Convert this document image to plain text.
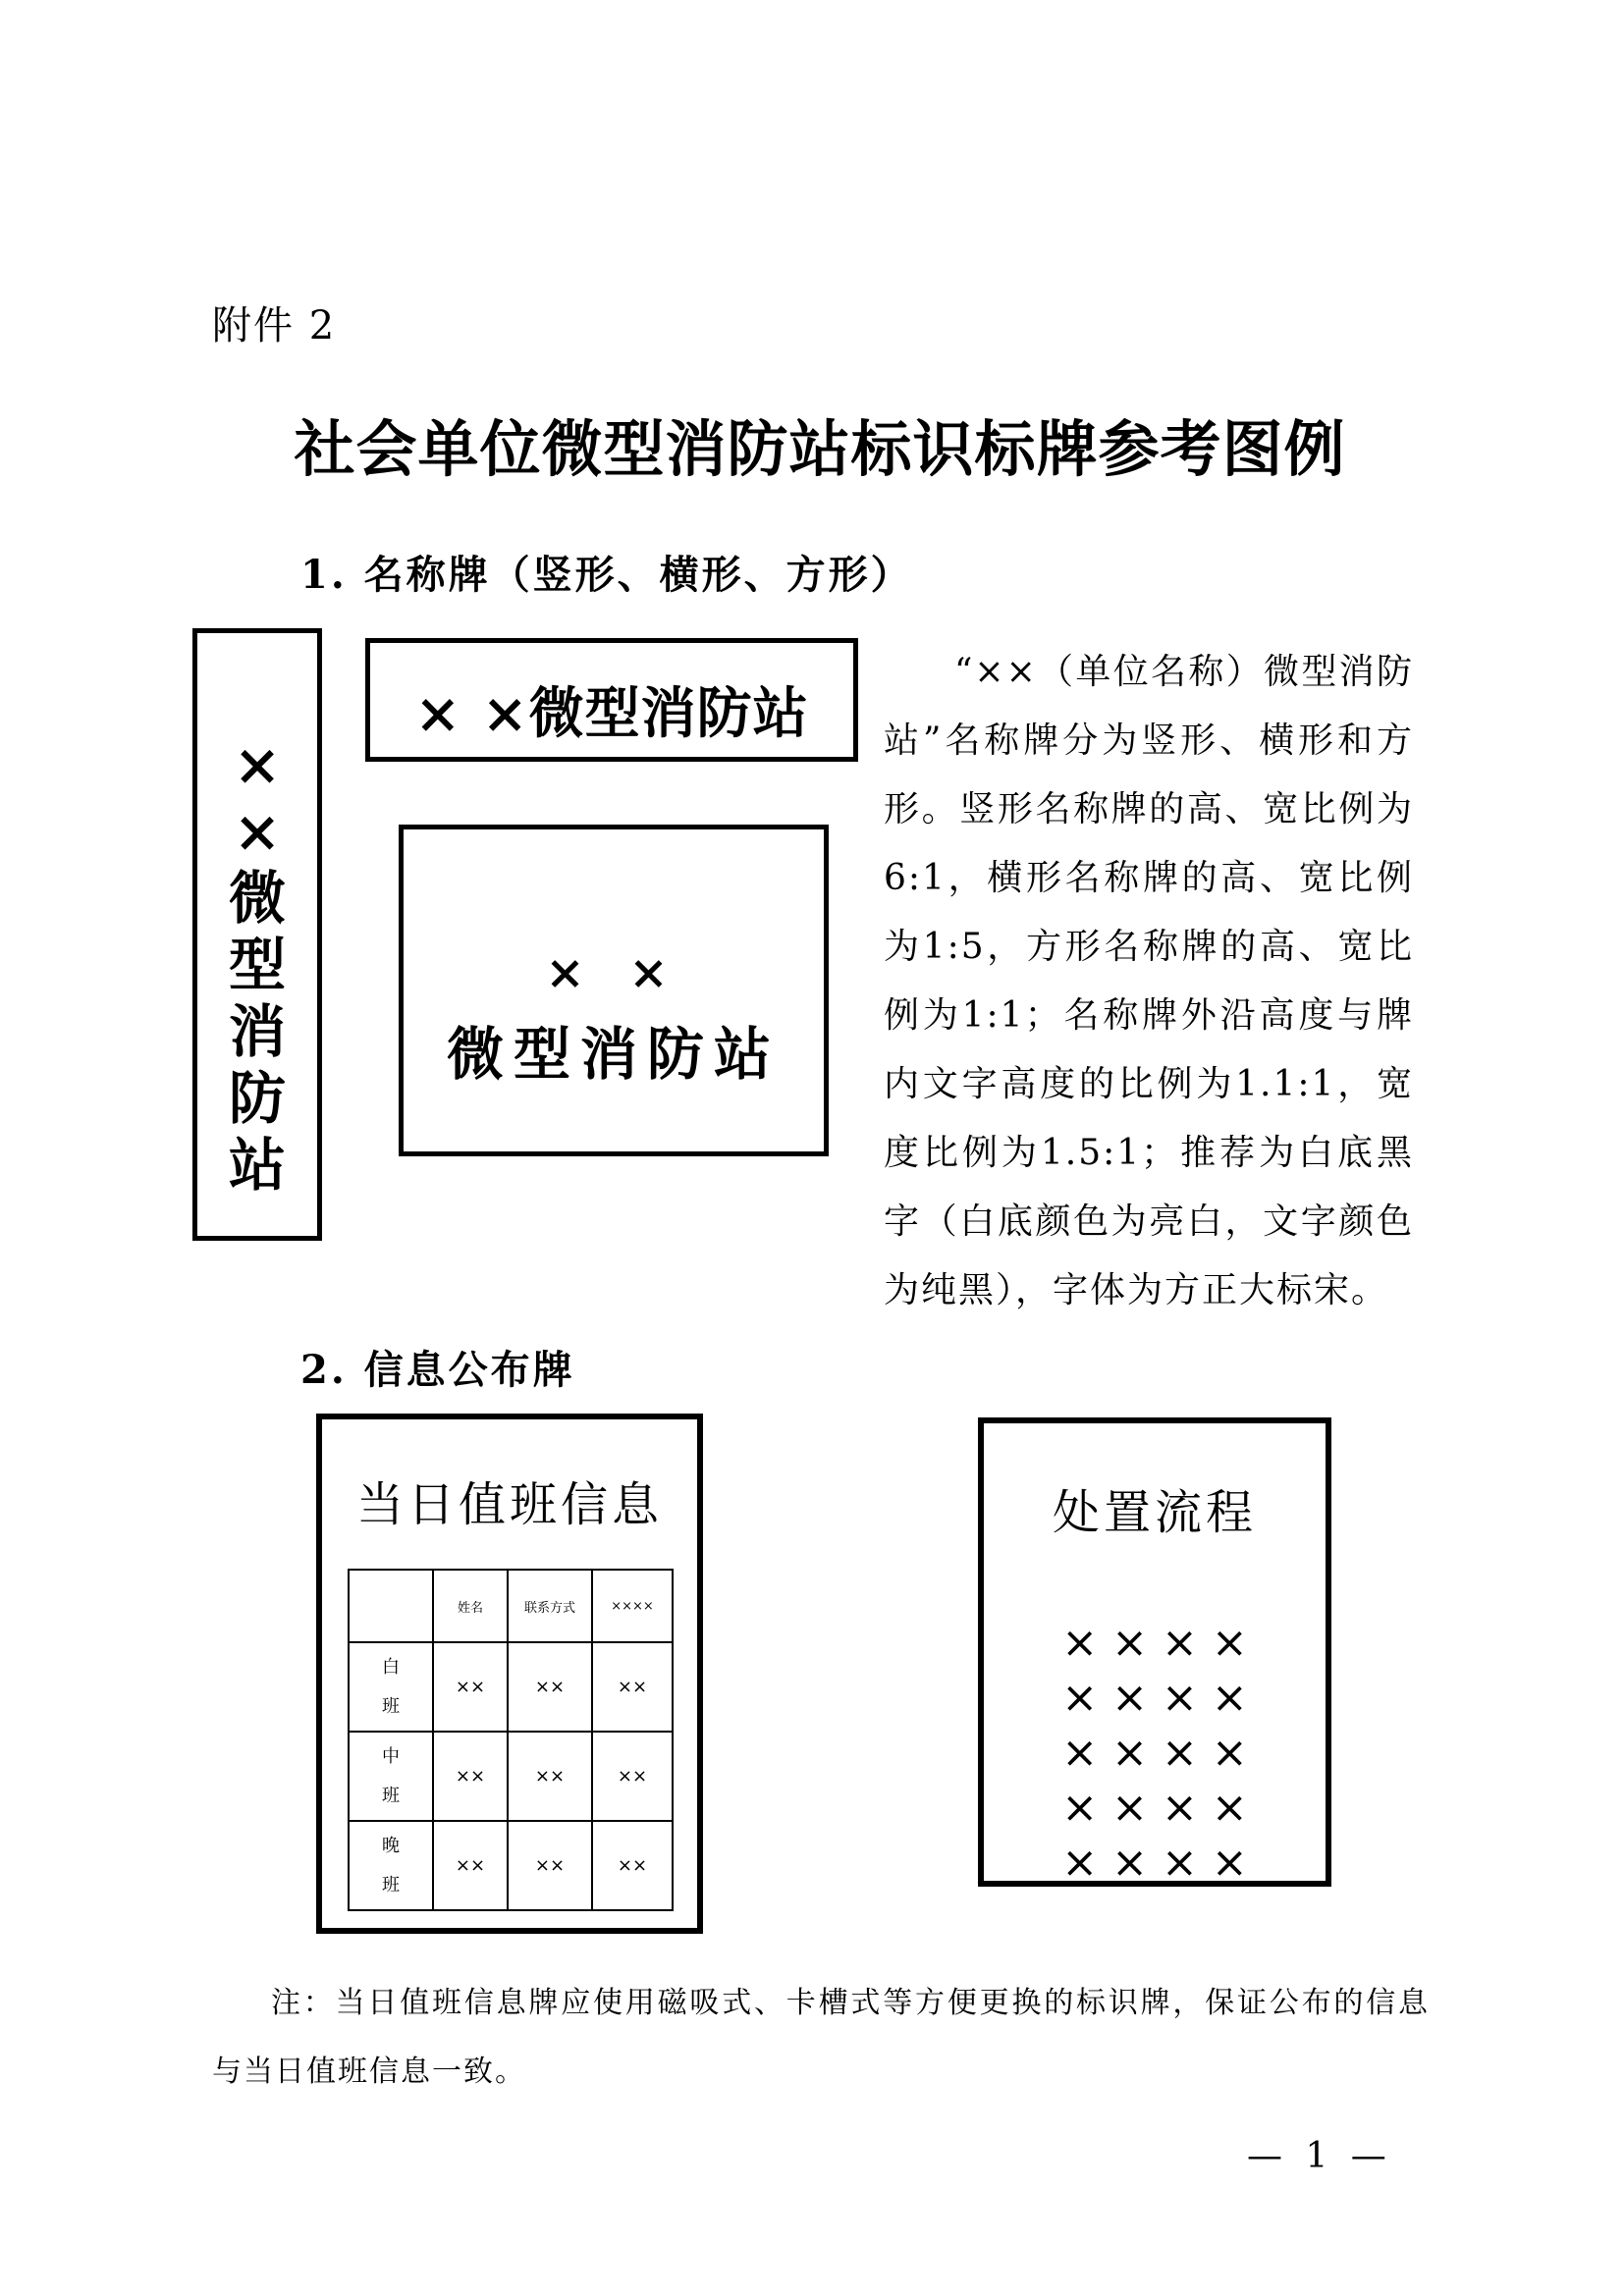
附件 2
社会单位微型消防站标识标牌参考图例
1. 名称牌（竖形、横形、方形）
×
×
微
型
消
防
站
× ×微型消防站
× ×
微型消防站
“××（单位名称）微型消防站”名称牌分为竖形、横形和方形。竖形名称牌的高、宽比例为6:1，横形名称牌的高、宽比例为1:5，方形名称牌的高、宽比例为1:1；名称牌外沿高度与牌内文字高度的比例为1.1:1，宽度比例为1.5:1；推荐为白底黑字（白底颜色为亮白，文字颜色为纯黑），字体为方正大标宋。
2. 信息公布牌
当日值班信息
	姓名	联系方式	××××
白
班	××	××	××
中
班	××	××	××
晚
班	××	××	××
处置流程
××××
××××
××××
××××
××××
注：当日值班信息牌应使用磁吸式、卡槽式等方便更换的标识牌，保证公布的信息与当日值班信息一致。
— 1 —
